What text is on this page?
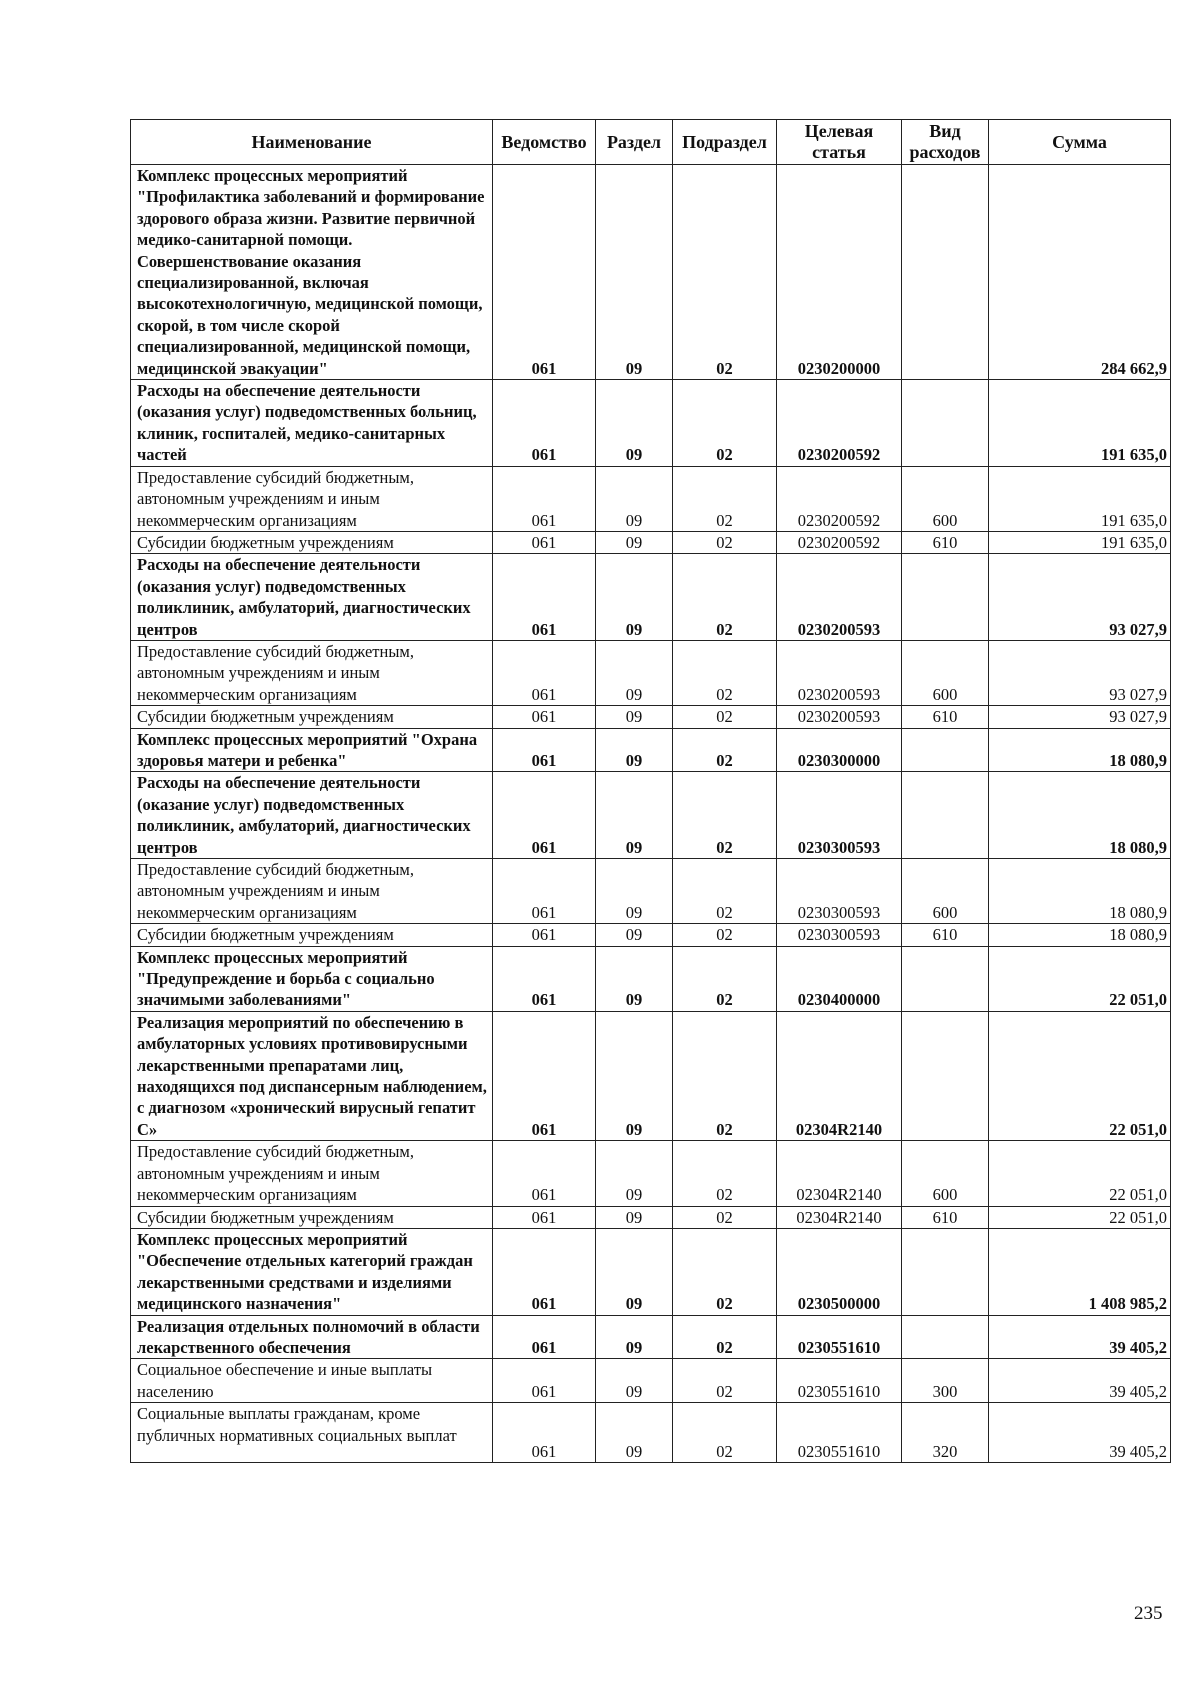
Наименование	Ведомство	Раздел	Подраздел	Целевая статья	Вид расходов	Сумма
Комплекс процессных мероприятий "Профилактика заболеваний и формирование здорового образа жизни. Развитие первичной медико-санитарной помощи. Совершенствование оказания специализированной, включая высокотехнологичную, медицинской помощи, скорой, в том числе скорой специализированной, медицинской помощи, медицинской эвакуации"	061	09	02	0230200000		284 662,9
Расходы на обеспечение деятельности (оказания услуг) подведомственных больниц, клиник, госпиталей, медико-санитарных частей	061	09	02	0230200592		191 635,0
Предоставление субсидий бюджетным, автономным учреждениям и иным некоммерческим организациям	061	09	02	0230200592	600	191 635,0
Субсидии бюджетным учреждениям	061	09	02	0230200592	610	191 635,0
Расходы на обеспечение деятельности (оказания услуг) подведомственных поликлиник, амбулаторий, диагностических центров	061	09	02	0230200593		93 027,9
Предоставление субсидий бюджетным, автономным учреждениям и иным некоммерческим организациям	061	09	02	0230200593	600	93 027,9
Субсидии бюджетным учреждениям	061	09	02	0230200593	610	93 027,9
Комплекс процессных мероприятий "Охрана здоровья матери и ребенка"	061	09	02	0230300000		18 080,9
Расходы на обеспечение деятельности (оказание услуг) подведомственных поликлиник, амбулаторий, диагностических центров	061	09	02	0230300593		18 080,9
Предоставление субсидий бюджетным, автономным учреждениям и иным некоммерческим организациям	061	09	02	0230300593	600	18 080,9
Субсидии бюджетным учреждениям	061	09	02	0230300593	610	18 080,9
Комплекс процессных мероприятий "Предупреждение и борьба с социально значимыми заболеваниями"	061	09	02	0230400000		22 051,0
Реализация мероприятий по обеспечению в амбулаторных условиях противовирусными лекарственными препаратами лиц, находящихся под диспансерным наблюдением, с диагнозом «хронический вирусный гепатит С»	061	09	02	02304R2140		22 051,0
Предоставление субсидий бюджетным, автономным учреждениям и иным некоммерческим организациям	061	09	02	02304R2140	600	22 051,0
Субсидии бюджетным учреждениям	061	09	02	02304R2140	610	22 051,0
Комплекс процессных мероприятий "Обеспечение отдельных категорий граждан лекарственными средствами и изделиями медицинского назначения"	061	09	02	0230500000		1 408 985,2
Реализация отдельных полномочий в области лекарственного обеспечения	061	09	02	0230551610		39 405,2
Социальное обеспечение и иные выплаты населению	061	09	02	0230551610	300	39 405,2
Социальные выплаты гражданам, кроме публичных нормативных социальных выплат	061	09	02	0230551610	320	39 405,2
235
